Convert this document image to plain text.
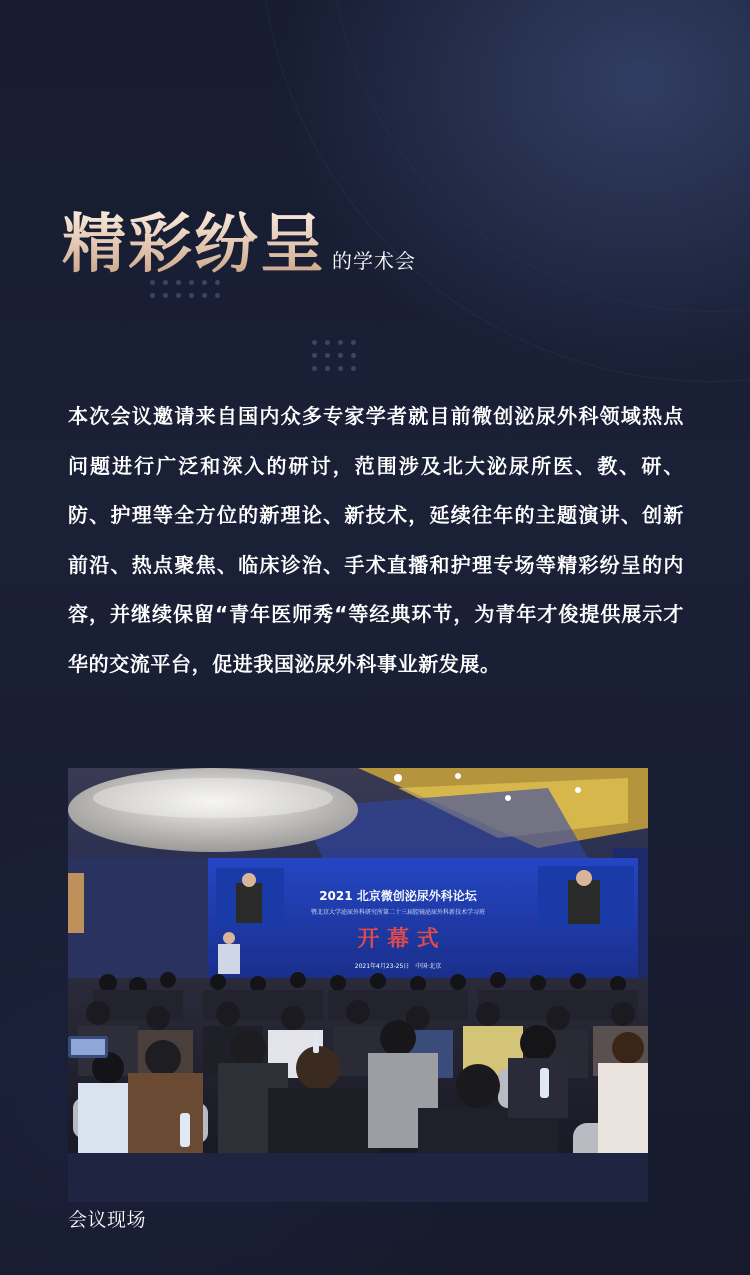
精彩纷呈 的学术会

本次会议邀请来自国内众多专家学者就目前微创泌尿外科领域热点问题进行广泛和深入的研讨，范围涉及北大泌尿所医、教、研、防、护理等全方位的新理论、新技术，延续往年的主题演讲、创新前沿、热点聚焦、临床诊治、手术直播和护理专场等精彩纷呈的内容，并继续保留“青年医师秀“等经典环节，为青年才俊提供展示才华的交流平台，促进我国泌尿外科事业新发展。

2021 北京微创泌尿外科论坛
暨北京大学泌尿外科研究所第二十三届腔镜泌尿外科新技术学习班
开 幕 式
2021年4月23-25日　中国·北京
会议现场
